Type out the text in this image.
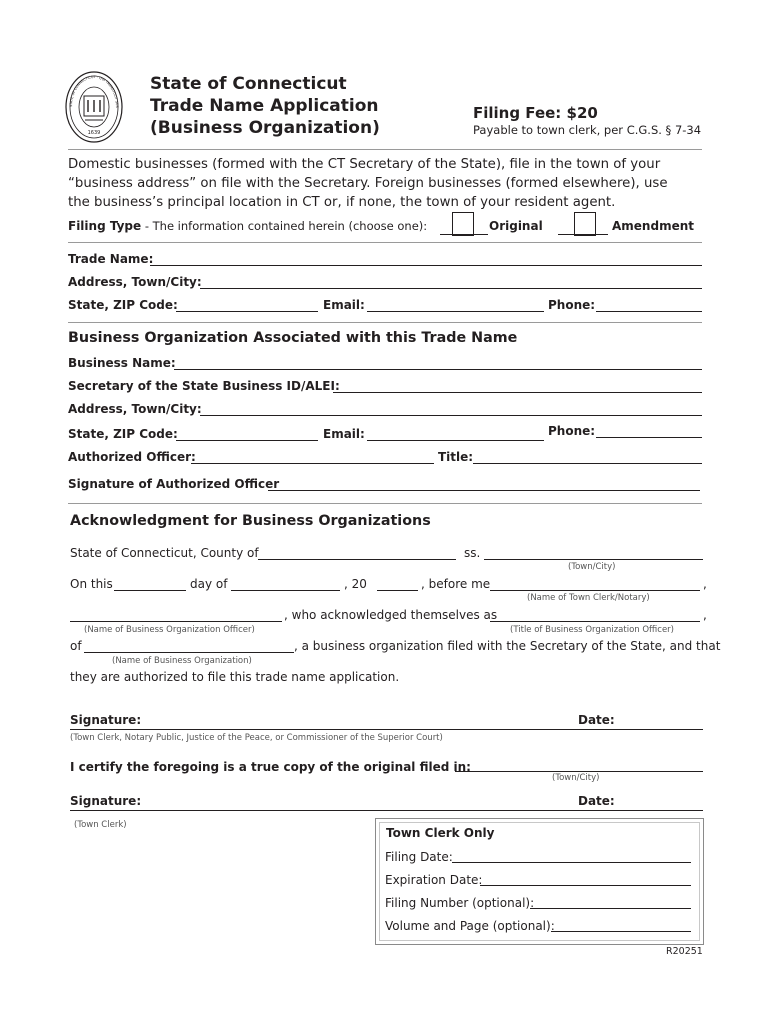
1639
STATE OF CONNECTICUT · QUI TRANSTULIT SUS
State of Connecticut
Trade Name Application
(Business Organization)
Filing Fee: $20
Payable to town clerk, per C.G.S. § 7-34
Domestic businesses (formed with the CT Secretary of the State), file in the town of your
“business address” on file with the Secretary. Foreign businesses (formed elsewhere), use
the business’s principal location in CT or, if none, the town of your resident agent.
Filing Type - The information contained herein (choose one):	Original	Amendment
Trade Name:
Address, Town/City:
State, ZIP Code:	Email:	Phone:
Business Organization Associated with this Trade Name
Business Name:
Secretary of the State Business ID/ALEI:
Address, Town/City:
State, ZIP Code:	Email:	Phone:
Authorized Officer:	Title:
Signature of Authorized Officer
Acknowledgment for Business Organizations
State of Connecticut, County of	ss.
(Town/City)
On this	day of	, 20	, before me	,
(Name of Town Clerk/Notary)
, who acknowledged themselves as	,
(Name of Business Organization Officer)	(Title of Business Organization Officer)
of	, a business organization filed with the Secretary of the State, and that
(Name of Business Organization)
they are authorized to file this trade name application.
Signature:	Date:
(Town Clerk, Notary Public, Justice of the Peace, or Commissioner of the Superior Court)
I certify the foregoing is a true copy of the original filed in:
(Town/City)
Signature:	Date:
(Town Clerk)
Town Clerk Only
Filing Date:
Expiration Date:
Filing Number (optional):
Volume and Page (optional):
R20251
